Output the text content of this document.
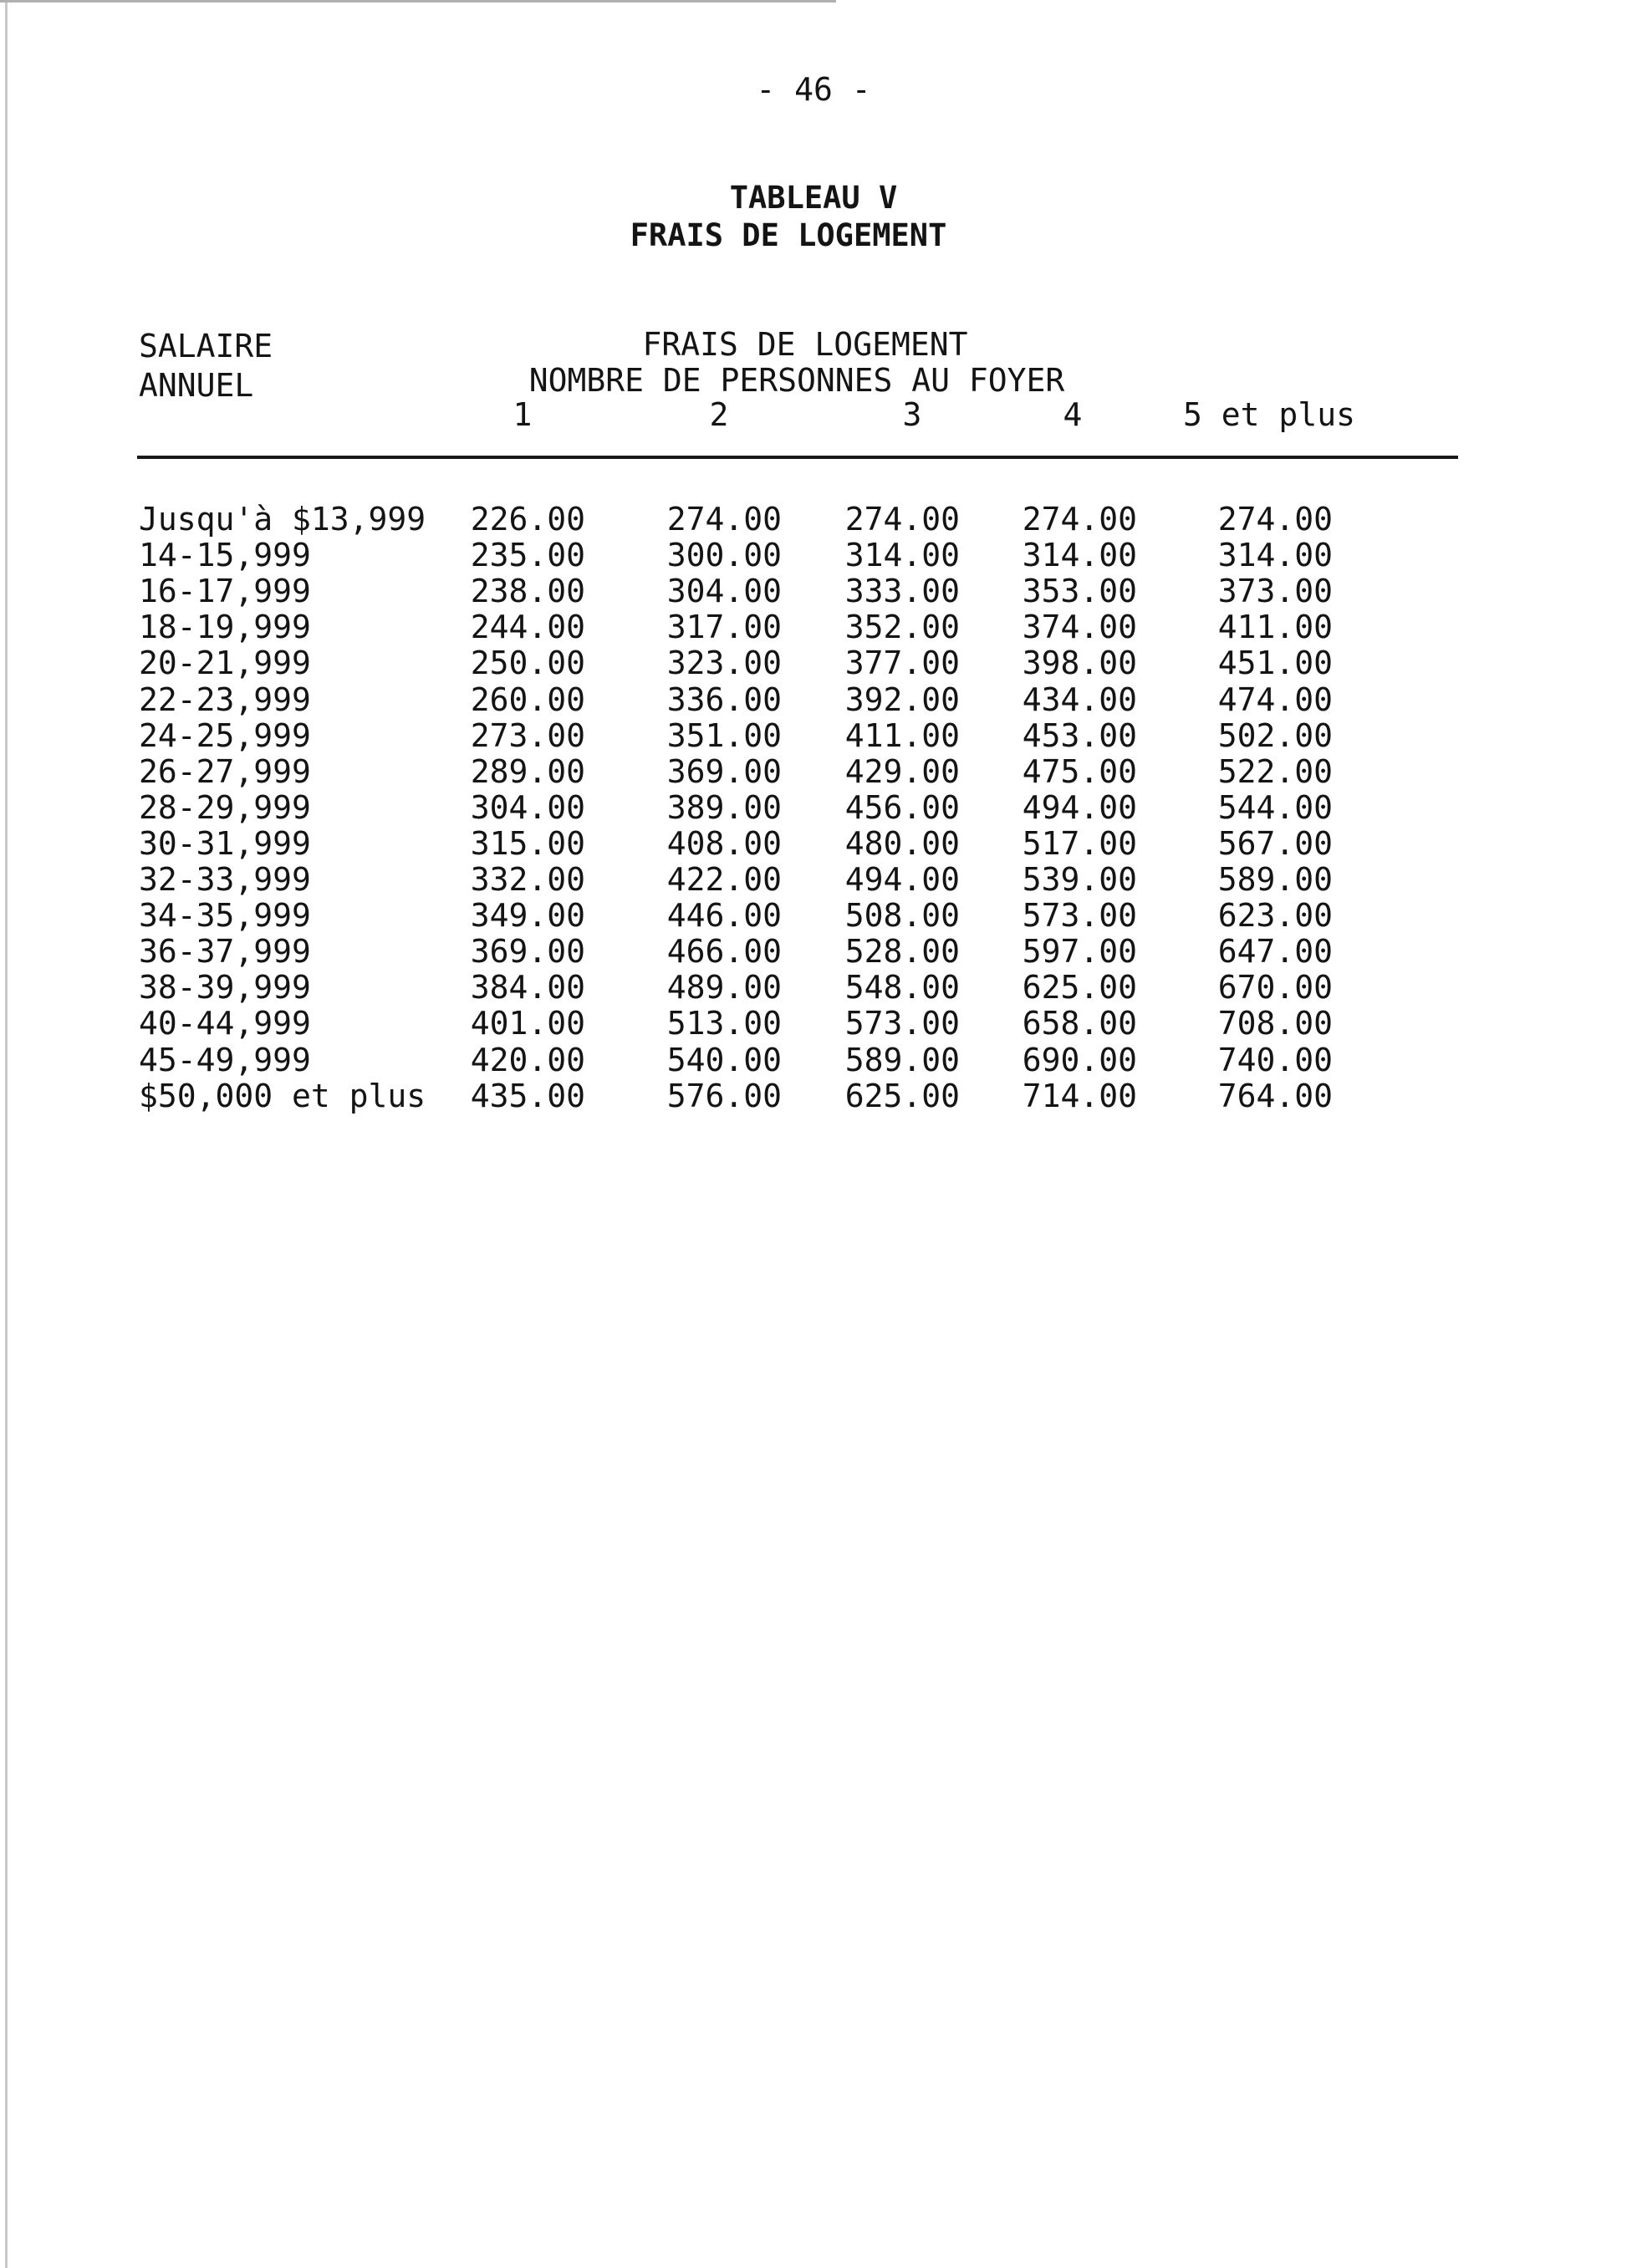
- 46 -
TABLEAU V
FRAIS DE LOGEMENT
SALAIRE
ANNUEL
FRAIS DE LOGEMENT
NOMBRE DE PERSONNES AU FOYER
1	2	3	4	5 et plus
Jusqu'à $13,999	226.00	274.00	274.00	274.00	274.00
14-15,999	235.00	300.00	314.00	314.00	314.00
16-17,999	238.00	304.00	333.00	353.00	373.00
18-19,999	244.00	317.00	352.00	374.00	411.00
20-21,999	250.00	323.00	377.00	398.00	451.00
22-23,999	260.00	336.00	392.00	434.00	474.00
24-25,999	273.00	351.00	411.00	453.00	502.00
26-27,999	289.00	369.00	429.00	475.00	522.00
28-29,999	304.00	389.00	456.00	494.00	544.00
30-31,999	315.00	408.00	480.00	517.00	567.00
32-33,999	332.00	422.00	494.00	539.00	589.00
34-35,999	349.00	446.00	508.00	573.00	623.00
36-37,999	369.00	466.00	528.00	597.00	647.00
38-39,999	384.00	489.00	548.00	625.00	670.00
40-44,999	401.00	513.00	573.00	658.00	708.00
45-49,999	420.00	540.00	589.00	690.00	740.00
$50,000 et plus	435.00	576.00	625.00	714.00	764.00
